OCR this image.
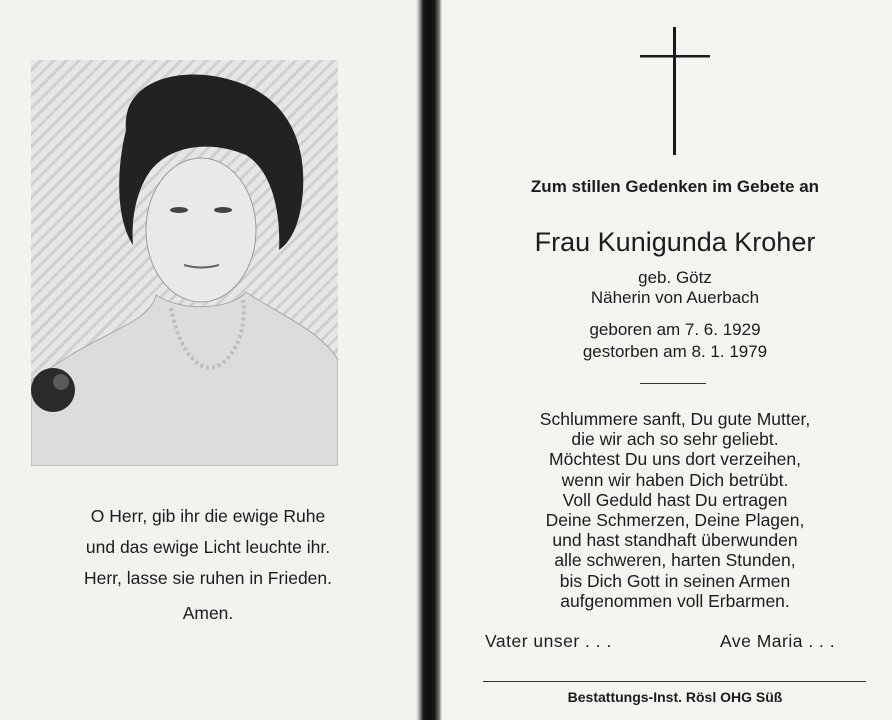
O Herr, gib ihr die ewige Ruhe
und das ewige Licht leuchte ihr.
Herr, lasse sie ruhen in Frieden.
Amen.
Zum stillen Gedenken im Gebete an
Frau Kunigunda Kroher
geb. Götz
Näherin von Auerbach
geboren am 7. 6. 1929
gestorben am 8. 1. 1979
Schlummere sanft, Du gute Mutter,
die wir ach so sehr geliebt.
Möchtest Du uns dort verzeihen,
wenn wir haben Dich betrübt.
Voll Geduld hast Du ertragen
Deine Schmerzen, Deine Plagen,
und hast standhaft überwunden
alle schweren, harten Stunden,
bis Dich Gott in seinen Armen
aufgenommen voll Erbarmen.
Vater unser . . .	Ave Maria . . .
Bestattungs-Inst. Rösl OHG Süß
